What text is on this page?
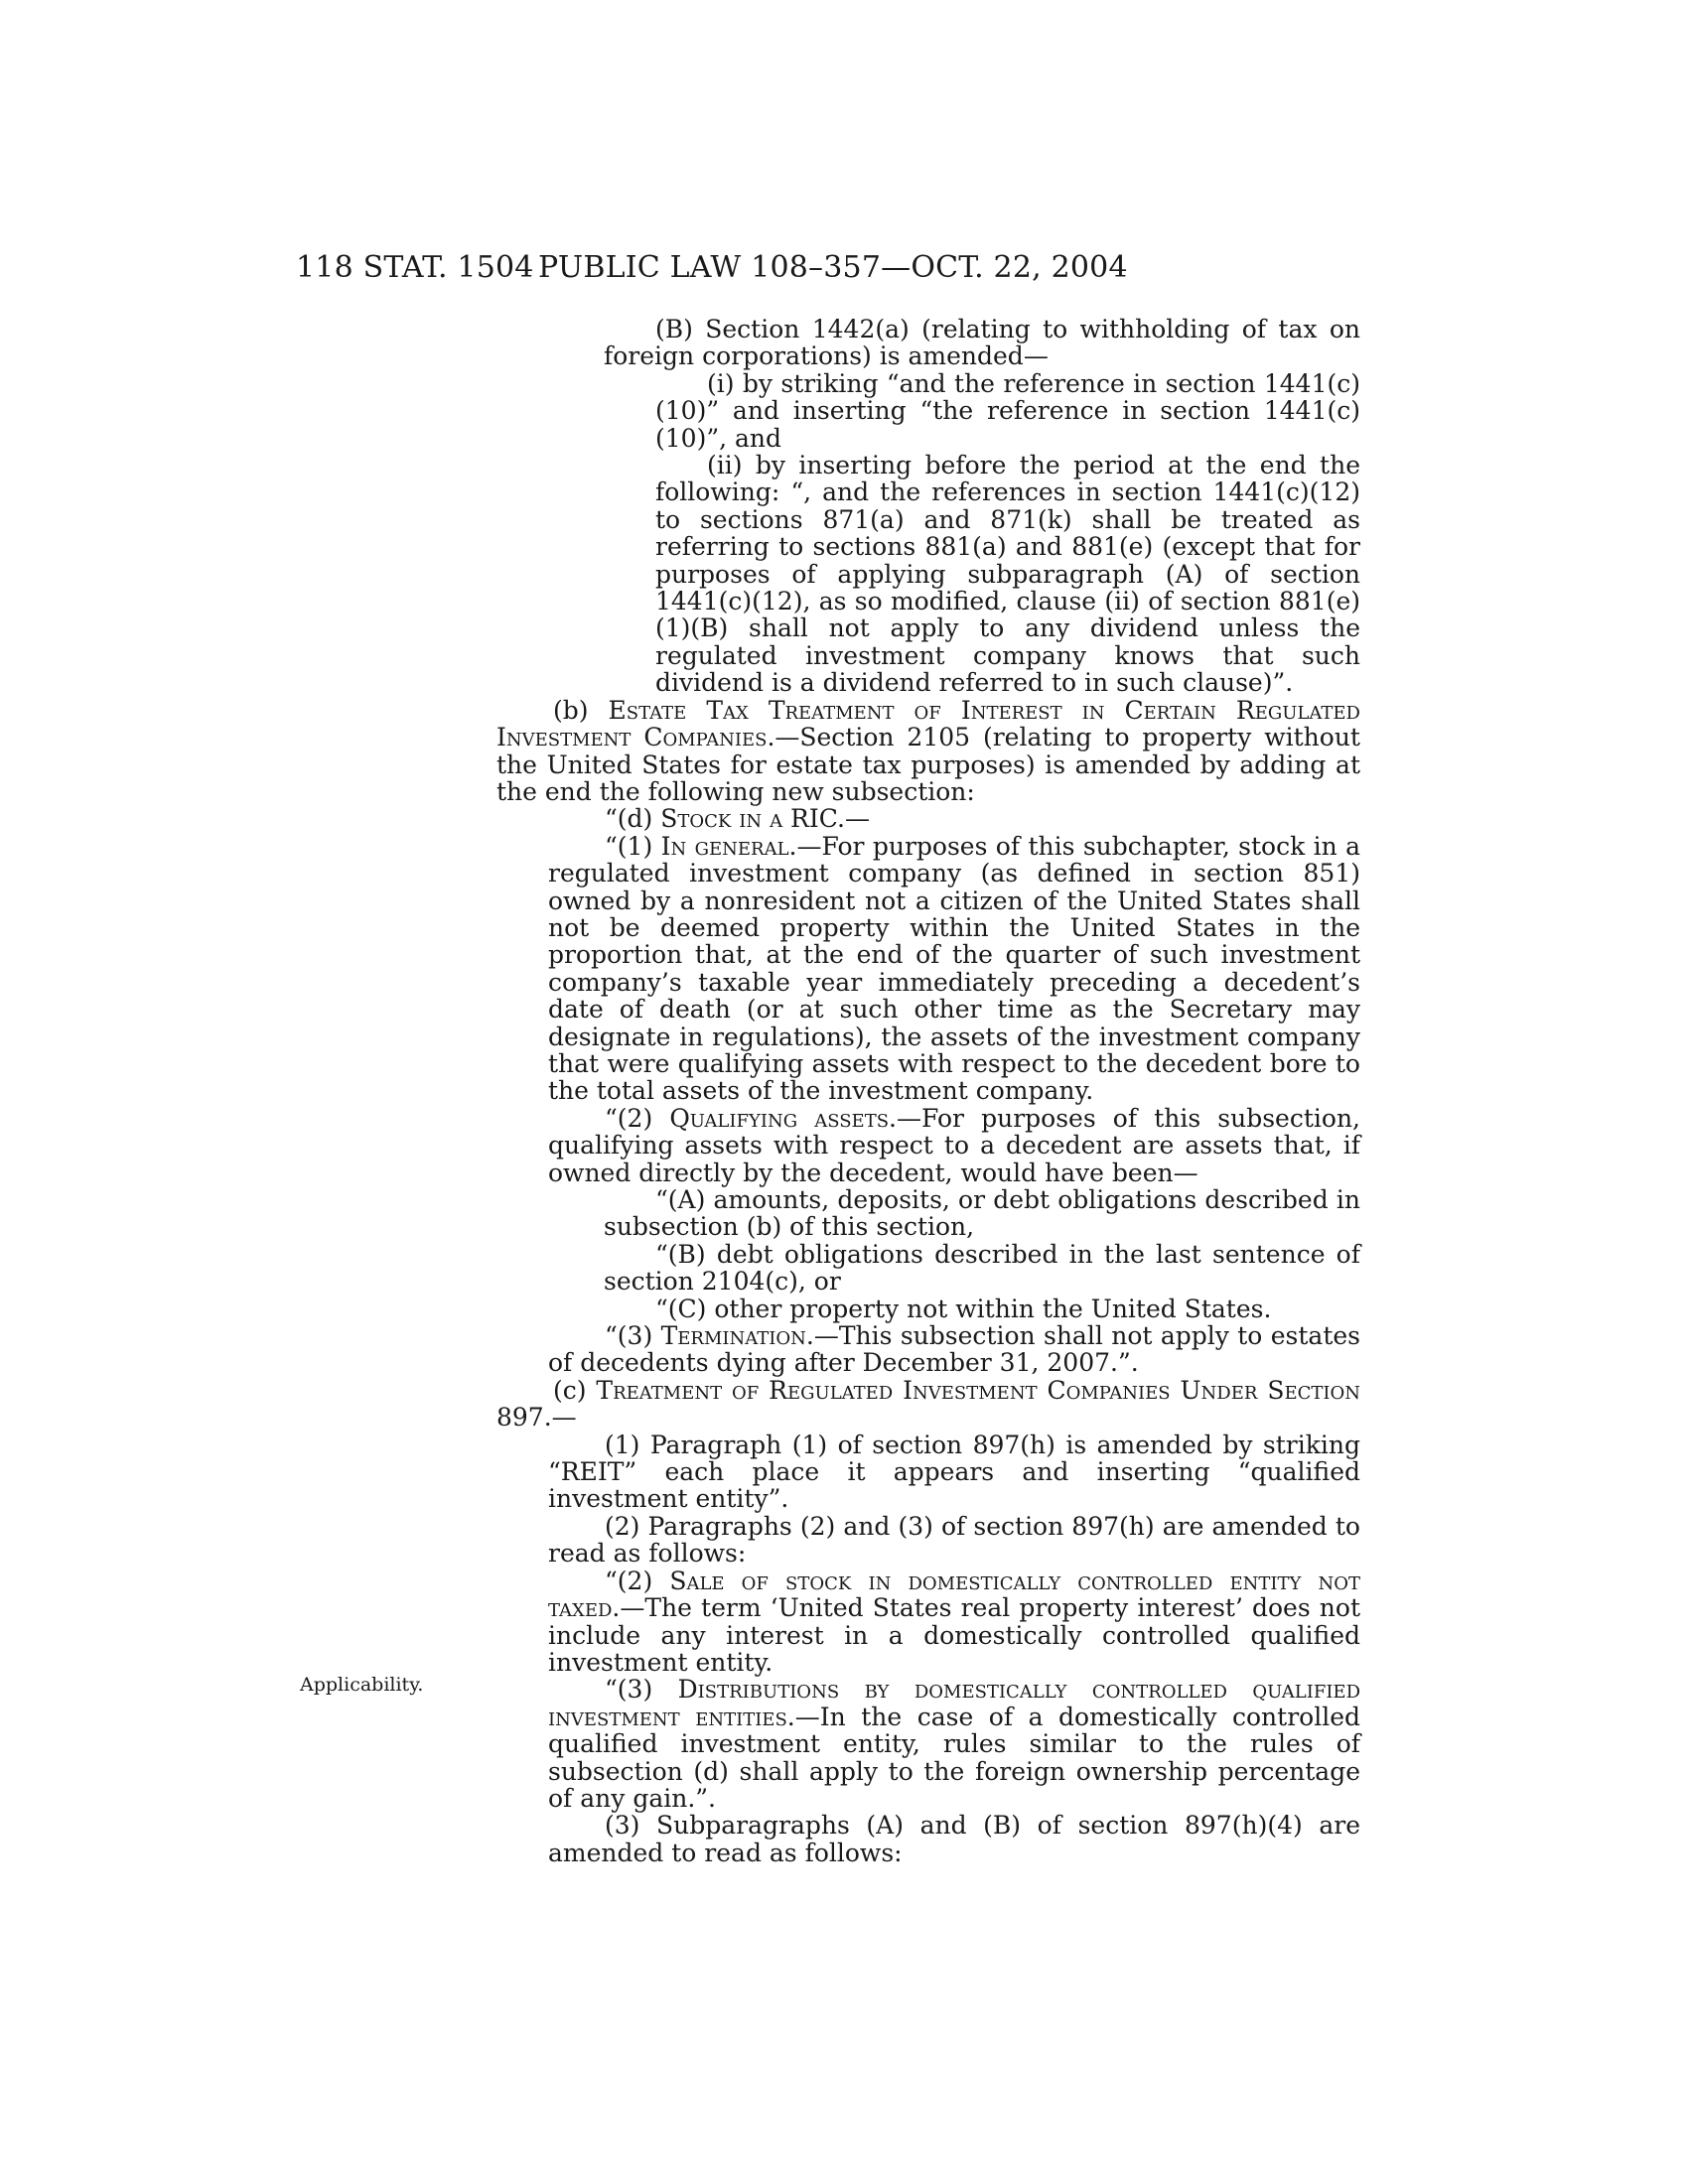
118 STAT. 1504 PUBLIC LAW 108–357—OCT. 22, 2004
Applicability.

(B) Section 1442(a) (relating to withholding of tax on foreign corporations) is amended—

(i) by striking “and the reference in section 1441(c)(10)” and inserting “the reference in section 1441(c)(10)”, and

(ii) by inserting before the period at the end the following: “, and the references in section 1441(c)(12) to sections 871(a) and 871(k) shall be treated as referring to sections 881(a) and 881(e) (except that for purposes of applying subparagraph (A) of section 1441(c)(12), as so modified, clause (ii) of section 881(e)(1)(B) shall not apply to any dividend unless the regulated investment company knows that such dividend is a dividend referred to in such clause)”.

(b) Estate Tax Treatment of Interest in Certain Regulated Investment Companies.—Section 2105 (relating to property without the United States for estate tax purposes) is amended by adding at the end the following new subsection:

“(d) Stock in a RIC.—

“(1) In general.—For purposes of this subchapter, stock in a regulated investment company (as defined in section 851) owned by a nonresident not a citizen of the United States shall not be deemed property within the United States in the proportion that, at the end of the quarter of such investment company’s taxable year immediately preceding a decedent’s date of death (or at such other time as the Secretary may designate in regulations), the assets of the investment company that were qualifying assets with respect to the decedent bore to the total assets of the investment company.

“(2) Qualifying assets.—For purposes of this subsection, qualifying assets with respect to a decedent are assets that, if owned directly by the decedent, would have been—

“(A) amounts, deposits, or debt obligations described in subsection (b) of this section,

“(B) debt obligations described in the last sentence of section 2104(c), or

“(C) other property not within the United States.

“(3) Termination.—This subsection shall not apply to estates of decedents dying after December 31, 2007.”.

(c) Treatment of Regulated Investment Companies Under Section 897.—

(1) Paragraph (1) of section 897(h) is amended by striking “REIT” each place it appears and inserting “qualified investment entity”.

(2) Paragraphs (2) and (3) of section 897(h) are amended to read as follows:

“(2) Sale of stock in domestically controlled entity not taxed.—The term ‘United States real property interest’ does not include any interest in a domestically controlled qualified investment entity.

“(3) Distributions by domestically controlled qualified investment entities.—In the case of a domestically controlled qualified investment entity, rules similar to the rules of subsection (d) shall apply to the foreign ownership percentage of any gain.”.

(3) Subparagraphs (A) and (B) of section 897(h)(4) are amended to read as follows:
